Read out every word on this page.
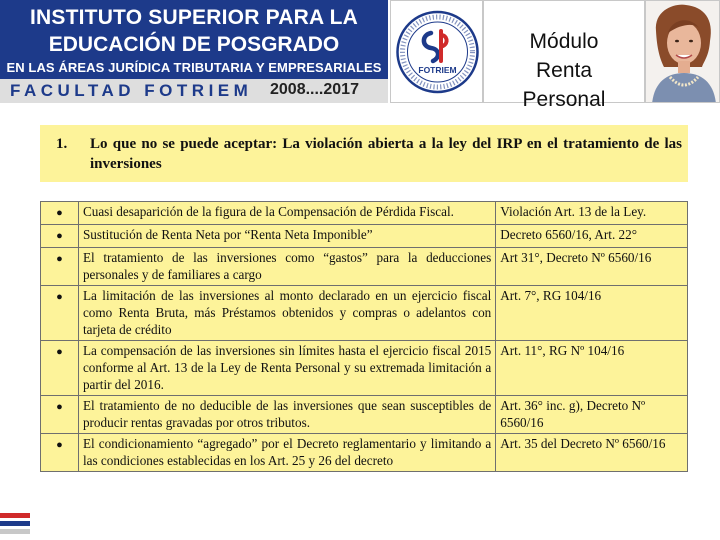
INSTITUTO SUPERIOR PARA LA
EDUCACIÓN DE POSGRADO
EN LAS ÁREAS JURÍDICA TRIBUTARIA Y EMPRESARIALES
FACULTAD FOTRIEM 2008....2017
FOTRIEM
Módulo
Renta
Personal
1. Lo que no se puede aceptar: La violación abierta a la ley del IRP en el tratamiento de las inversiones
●	Cuasi desaparición de la figura de la Compensación de Pérdida Fiscal.	Violación Art. 13 de la Ley.
●	Sustitución de Renta Neta por “Renta Neta Imponible”	Decreto 6560/16, Art. 22°
●	El tratamiento de las inversiones como “gastos” para la deducciones personales y de familiares a cargo	Art 31°, Decreto Nº 6560/16
●	La limitación de las inversiones al monto declarado en un ejercicio fiscal como Renta Bruta, más Préstamos obtenidos y compras o adelantos con tarjeta de crédito	Art. 7°, RG 104/16
●	La compensación de las inversiones sin límites hasta el ejercicio fiscal 2015 conforme al Art. 13 de la Ley de Renta Personal y su extremada limitación a partir del 2016.	Art. 11°, RG Nº 104/16
●	El tratamiento de no deducible de las inversiones que sean susceptibles de producir rentas gravadas por otros tributos.	Art. 36° inc. g), Decreto Nº 6560/16
●	El condicionamiento “agregado” por el Decreto reglamentario y limitando a las condiciones establecidas en los Art. 25 y 26 del decreto	Art. 35 del Decreto Nº 6560/16
